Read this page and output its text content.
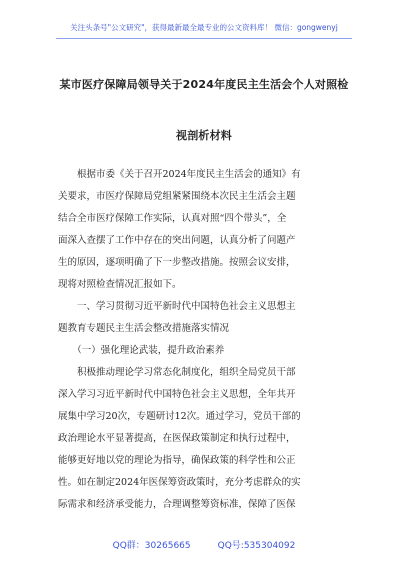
关注头条号"公文研究"，获得最新最全最专业的公文资料库！ 微信：gongwenyj
某市医疗保障局领导关于2024年度民主生活会个人对照检
视剖析材料

　　根据市委《关于召开2024年度民主生活会的通知》有

关要求，市医疗保障局党组紧紧围绕本次民主生活会主题

结合全市医疗保障工作实际，认真对照“四个带头”，全

面深入查摆了工作中存在的突出问题，认真分析了问题产

生的原因，逐项明确了下一步整改措施。按照会议安排，

现将对照检查情况汇报如下。

　　一、学习贯彻习近平新时代中国特色社会主义思想主

题教育专题民主生活会整改措施落实情况

　　（一）强化理论武装，提升政治素养

　　积极推动理论学习常态化制度化，组织全局党员干部

深入学习习近平新时代中国特色社会主义思想，全年共开

展集中学习20次，专题研讨12次。通过学习，党员干部的

政治理论水平显著提高，在医保政策制定和执行过程中，

能够更好地以党的理论为指导，确保政策的科学性和公正

性。如在制定2024年医保筹资政策时，充分考虑群众的实

际需求和经济承受能力，合理调整筹资标准，保障了医保

QQ群：30265665　　　QQ号:535304092
